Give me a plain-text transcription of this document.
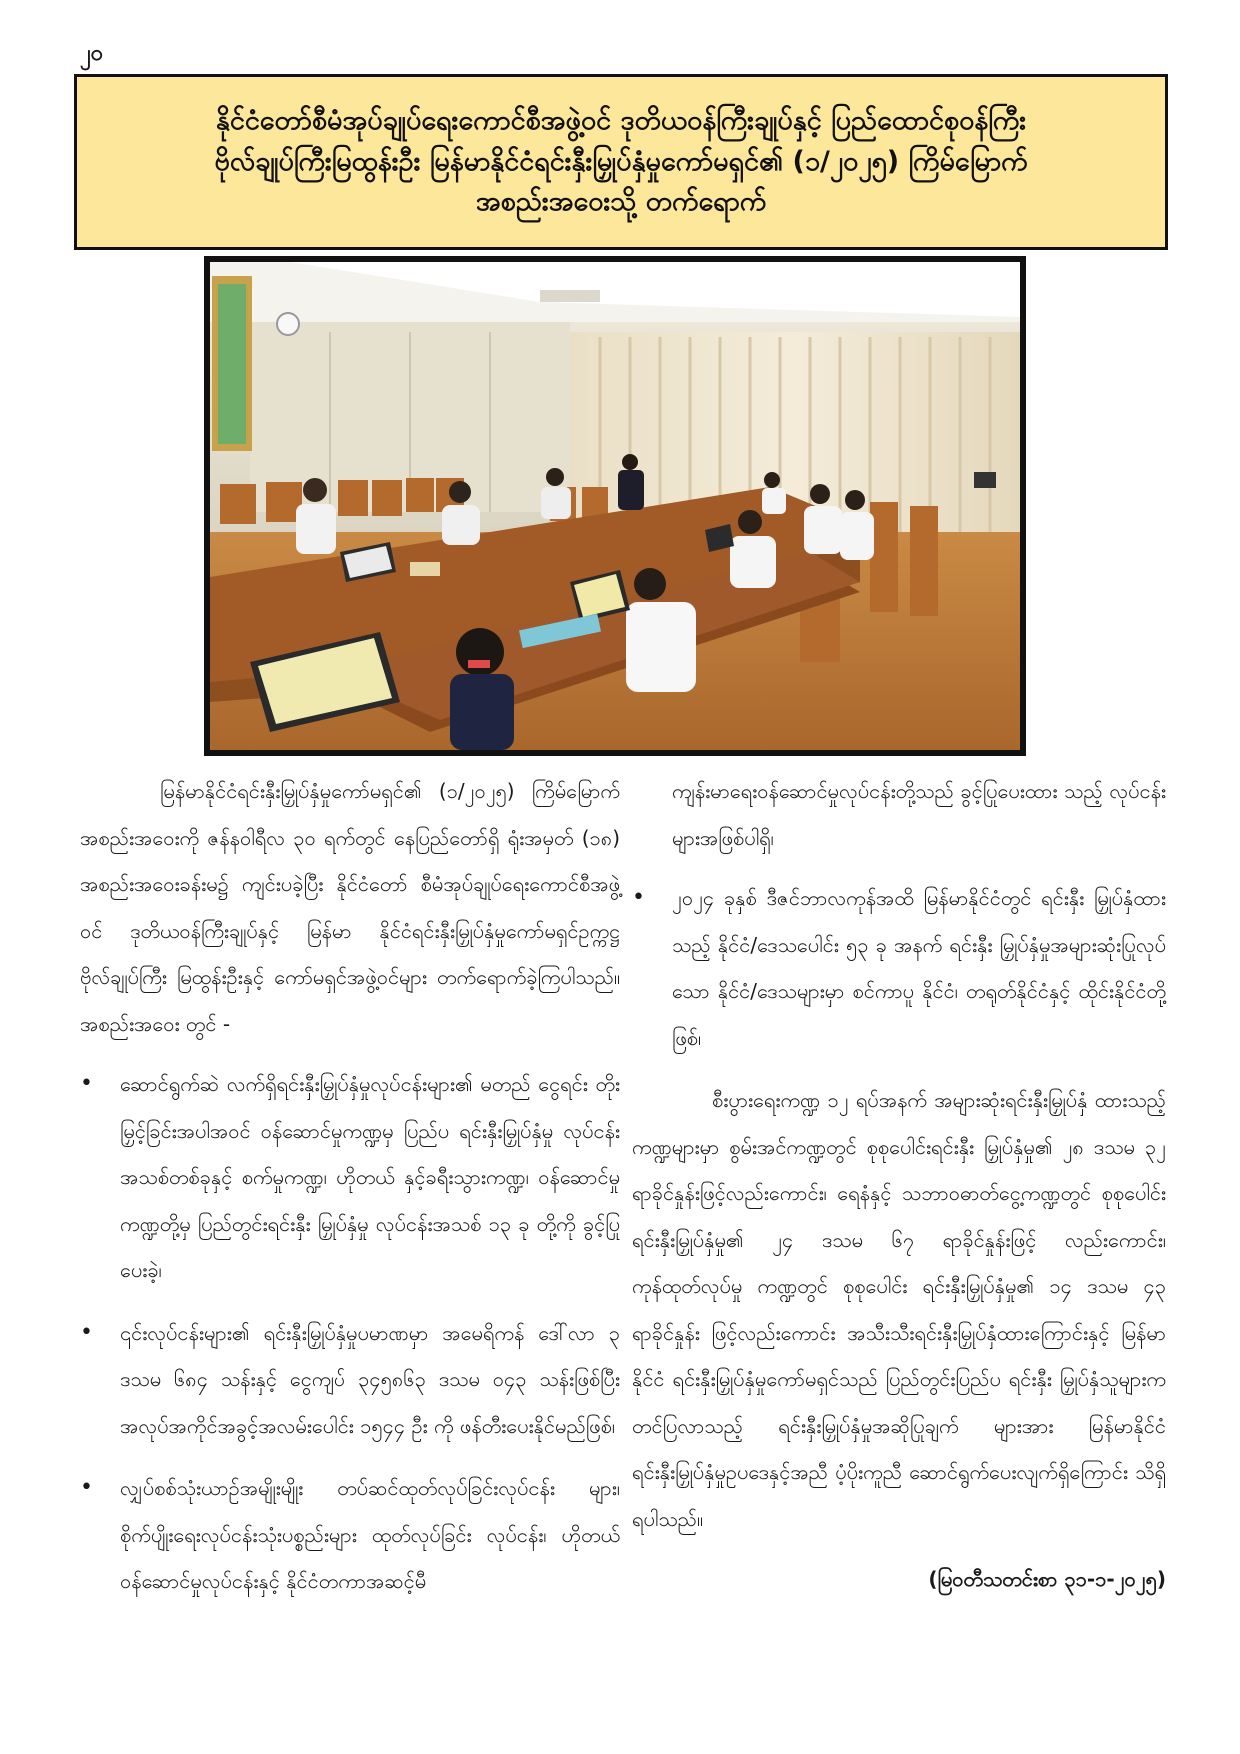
၂၀
နိုင်ငံတော်စီမံအုပ်ချုပ်ရေးကောင်စီအဖွဲ့ဝင် ဒုတိယဝန်ကြီးချုပ်နှင့် ပြည်ထောင်စုဝန်ကြီး
ဗိုလ်ချုပ်ကြီးမြထွန်းဦး မြန်မာနိုင်ငံရင်းနှီးမြှုပ်နှံမှုကော်မရှင်၏ (၁/၂၀၂၅) ကြိမ်မြောက်
အစည်းအဝေးသို့ တက်ရောက်

မြန်မာနိုင်ငံရင်းနှီးမြှုပ်နှံမှုကော်မရှင်၏ (၁/၂၀၂၅) ကြိမ်မြောက် အစည်းအဝေးကို ဇန်နဝါရီလ ၃၀ ရက်တွင် နေပြည်တော်ရှိ ရုံးအမှတ် (၁၈) အစည်းအဝေးခန်းမ၌ ကျင်းပခဲ့ပြီး နိုင်ငံတော် စီမံအုပ်ချုပ်ရေးကောင်စီအဖွဲ့ဝင် ဒုတိယဝန်ကြီးချုပ်နှင့် မြန်မာ နိုင်ငံရင်းနှီးမြှုပ်နှံမှုကော်မရှင်ဥက္ကဋ္ဌ ဗိုလ်ချုပ်ကြီး မြထွန်းဦးနှင့် ကော်မရှင်အဖွဲ့ဝင်များ တက်ရောက်ခဲ့ကြပါသည်။ အစည်းအဝေး တွင် -

• ဆောင်ရွက်ဆဲ လက်ရှိရင်းနှီးမြှုပ်နှံမှုလုပ်ငန်းများ၏ မတည် ငွေရင်း တိုးမြှင့်ခြင်းအပါအဝင် ဝန်ဆောင်မှုကဏ္ဍမှ ပြည်ပ ရင်းနှီးမြှုပ်နှံမှု လုပ်ငန်းအသစ်တစ်ခုနှင့် စက်မှုကဏ္ဍ၊ ဟိုတယ် နှင့်ခရီးသွားကဏ္ဍ၊ ဝန်ဆောင်မှုကဏ္ဍတို့မှ ပြည်တွင်းရင်းနှီး မြှုပ်နှံမှု လုပ်ငန်းအသစ် ၁၃ ခု တို့ကို ခွင့်ပြုပေးခဲ့၊
• ၎င်းလုပ်ငန်းများ၏ ရင်းနှီးမြှုပ်နှံမှုပမာဏမှာ အမေရိကန် ဒေါ်လာ ၃ ဒသမ ၆၈၄ သန်းနှင့် ငွေကျပ် ၃၄၅၈၆၃ ဒသမ ၀၄၃ သန်းဖြစ်ပြီး အလုပ်အကိုင်အခွင့်အလမ်းပေါင်း ၁၅၄၄ ဦး ကို ဖန်တီးပေးနိုင်မည်ဖြစ်၊
• လျှပ်စစ်သုံးယာဉ်အမျိုးမျိုး တပ်ဆင်ထုတ်လုပ်ခြင်းလုပ်ငန်း များ၊ စိုက်ပျိုးရေးလုပ်ငန်းသုံးပစ္စည်းများ ထုတ်လုပ်ခြင်း လုပ်ငန်း၊ ဟိုတယ်ဝန်ဆောင်မှုလုပ်ငန်းနှင့် နိုင်ငံတကာအဆင့်မီ

ကျန်းမာရေးဝန်ဆောင်မှုလုပ်ငန်းတို့သည် ခွင့်ပြုပေးထား သည့် လုပ်ငန်းများအဖြစ်ပါရှိ၊

• ၂၀၂၄ ခုနှစ် ဒီဇင်ဘာလကုန်အထိ မြန်မာနိုင်ငံတွင် ရင်းနှီး မြှုပ်နှံထားသည့် နိုင်ငံ/ဒေသပေါင်း ၅၃ ခု အနက် ရင်းနှီး မြှုပ်နှံမှုအများဆုံးပြုလုပ်သော နိုင်ငံ/ဒေသများမှာ စင်ကာပူ နိုင်ငံ၊ တရုတ်နိုင်ငံနှင့် ထိုင်းနိုင်ငံတို့ဖြစ်၊

စီးပွားရေးကဏ္ဍ ၁၂ ရပ်အနက် အများဆုံးရင်းနှီးမြှုပ်နှံ ထားသည့်ကဏ္ဍများမှာ စွမ်းအင်ကဏ္ဍတွင် စုစုပေါင်းရင်းနှီး မြှုပ်နှံမှု၏ ၂၈ ဒသမ ၃၂ ရာခိုင်နှုန်းဖြင့်လည်းကောင်း၊ ရေနံနှင့် သဘာဝဓာတ်ငွေ့ကဏ္ဍတွင် စုစုပေါင်းရင်းနှီးမြှုပ်နှံမှု၏ ၂၄ ဒသမ ၆၇ ရာခိုင်နှုန်းဖြင့် လည်းကောင်း၊ ကုန်ထုတ်လုပ်မှု ကဏ္ဍတွင် စုစုပေါင်း ရင်းနှီးမြှုပ်နှံမှု၏ ၁၄ ဒသမ ၄၃ ရာခိုင်နှုန်း ဖြင့်လည်းကောင်း အသီးသီးရင်းနှီးမြှုပ်နှံထားကြောင်းနှင့် မြန်မာ နိုင်ငံ ရင်းနှီးမြှုပ်နှံမှုကော်မရှင်သည် ပြည်တွင်းပြည်ပ ရင်းနှီး မြှုပ်နှံသူများက တင်ပြလာသည့် ရင်းနှီးမြှုပ်နှံမှုအဆိုပြုချက် များအား မြန်မာနိုင်ငံ ရင်းနှီးမြှုပ်နှံမှုဥပဒေနှင့်အညီ ပံ့ပိုးကူညီ ဆောင်ရွက်ပေးလျက်ရှိကြောင်း သိရှိရပါသည်။

(မြဝတီသတင်းစာ ၃၁-၁-၂၀၂၅)
